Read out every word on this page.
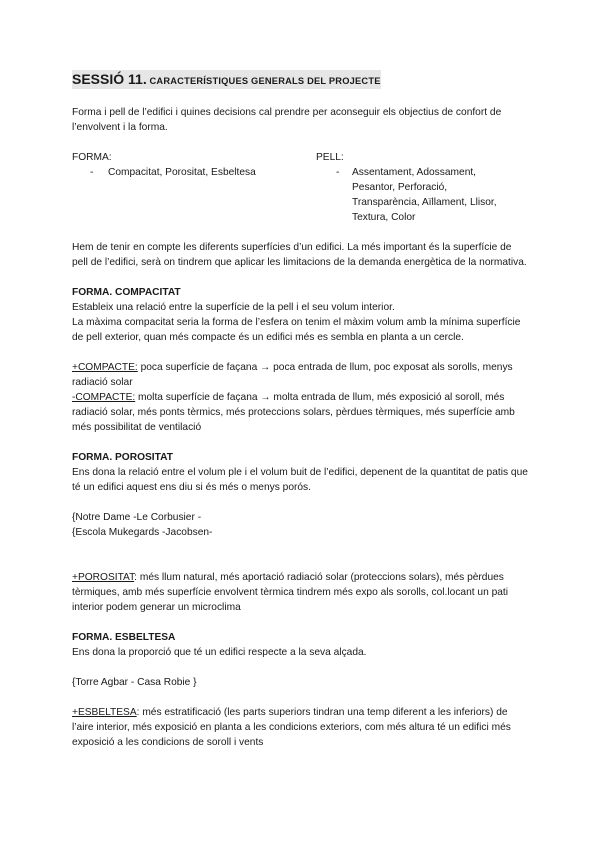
SESSIÓ 11. CARACTERÍSTIQUES GENERALS DEL PROJECTE

Forma i pell de l’edifici i quines decisions cal prendre per aconseguir els objectius de confort de l’envolvent i la forma.

FORMA:

-	Compacitat, Porositat, Esbeltesa

PELL:

-	Assentament, Adossament,

Pesantor, Perforació,

Transparència, Aïllament, Llisor,

Textura, Color

Hem de tenir en compte les diferents superfícies d’un edifici. La més important és la superfície de pell de l’edifici, serà on tindrem que aplicar les limitacions de la demanda energètica de la normativa.

FORMA. COMPACITAT

Estableix una relació entre la superfície de la pell i el seu volum interior.

La màxima compacitat seria la forma de l’esfera on tenim el màxim volum amb la mínima superfície de pell exterior, quan més compacte és un edifici més es sembla en planta a un cercle.

+COMPACTE: poca superfície de façana → poca entrada de llum, poc exposat als sorolls, menys radiació solar

-COMPACTE: molta superfície de façana → molta entrada de llum, més exposició al soroll, més radiació solar, més ponts tèrmics, més proteccions solars, pèrdues tèrmiques, més superfície amb més possibilitat de ventilació

FORMA. POROSITAT

Ens dona la relació entre el volum ple i el volum buit de l’edifici, depenent de la quantitat de patis que té un edifici aquest ens diu si és més o menys porós.

{Notre Dame -Le Corbusier -

{Escola Mukegards -Jacobsen-

+POROSITAT: més llum natural, més aportació radiació solar (proteccions solars), més pèrdues tèrmiques, amb més superfície envolvent tèrmica tindrem més expo als sorolls, col.locant un pati interior podem generar un microclima

FORMA. ESBELTESA

Ens dona la proporció que té un edifici respecte a la seva alçada.

{Torre Agbar - Casa Robie }

+ESBELTESA: més estratificació (les parts superiors tindran una temp diferent a les inferiors) de l’aire interior, més exposició en planta a les condicions exteriors, com més altura té un edifici més exposició a les condicions de soroll i vents
